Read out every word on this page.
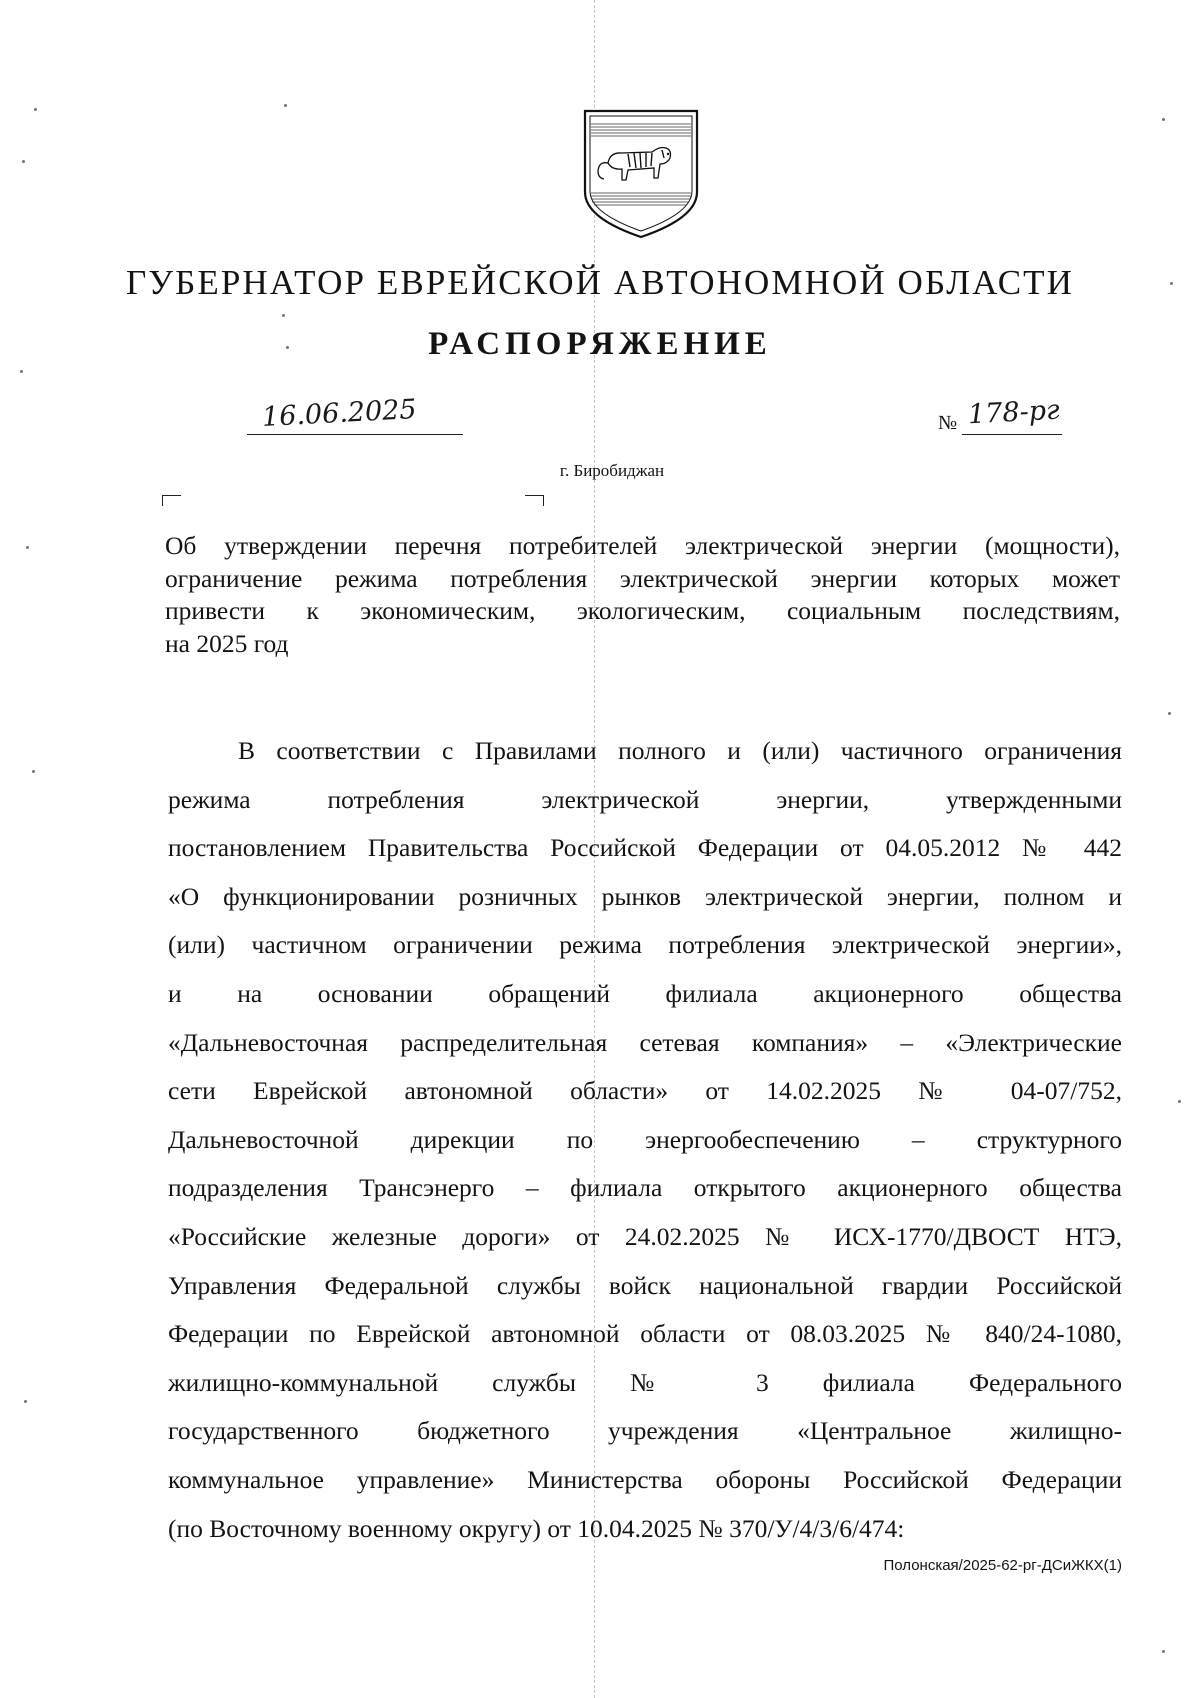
ГУБЕРНАТОР ЕВРЕЙСКОЙ АВТОНОМНОЙ ОБЛАСТИ
РАСПОРЯЖЕНИЕ
16.06.2025	№ 178-рг
г. Биробиджан
Об утверждении перечня потребителей электрической энергии (мощности),
ограничение режима потребления электрической энергии которых может
привести к экономическим, экологическим, социальным последствиям,
на 2025 год
В соответствии с Правилами полного и (или) частичного ограничения
режима потребления электрической энергии, утвержденными
постановлением Правительства Российской Федерации от 04.05.2012 № 442
«О функционировании розничных рынков электрической энергии, полном и
(или) частичном ограничении режима потребления электрической энергии»,
и на основании обращений филиала акционерного общества
«Дальневосточная распределительная сетевая компания» – «Электрические
сети Еврейской автономной области» от 14.02.2025 № 04-07/752,
Дальневосточной дирекции по энергообеспечению – структурного
подразделения Трансэнерго – филиала открытого акционерного общества
«Российские железные дороги» от 24.02.2025 № ИСХ-1770/ДВОСТ НТЭ,
Управления Федеральной службы войск национальной гвардии Российской
Федерации по Еврейской автономной области от 08.03.2025 № 840/24-1080,
жилищно-коммунальной службы № 3 филиала Федерального
государственного бюджетного учреждения «Центральное жилищно-
коммунальное управление» Министерства обороны Российской Федерации
(по Восточному военному округу) от 10.04.2025 № 370/У/4/3/6/474:
Полонская/2025-62-рг-ДСиЖКХ(1)
